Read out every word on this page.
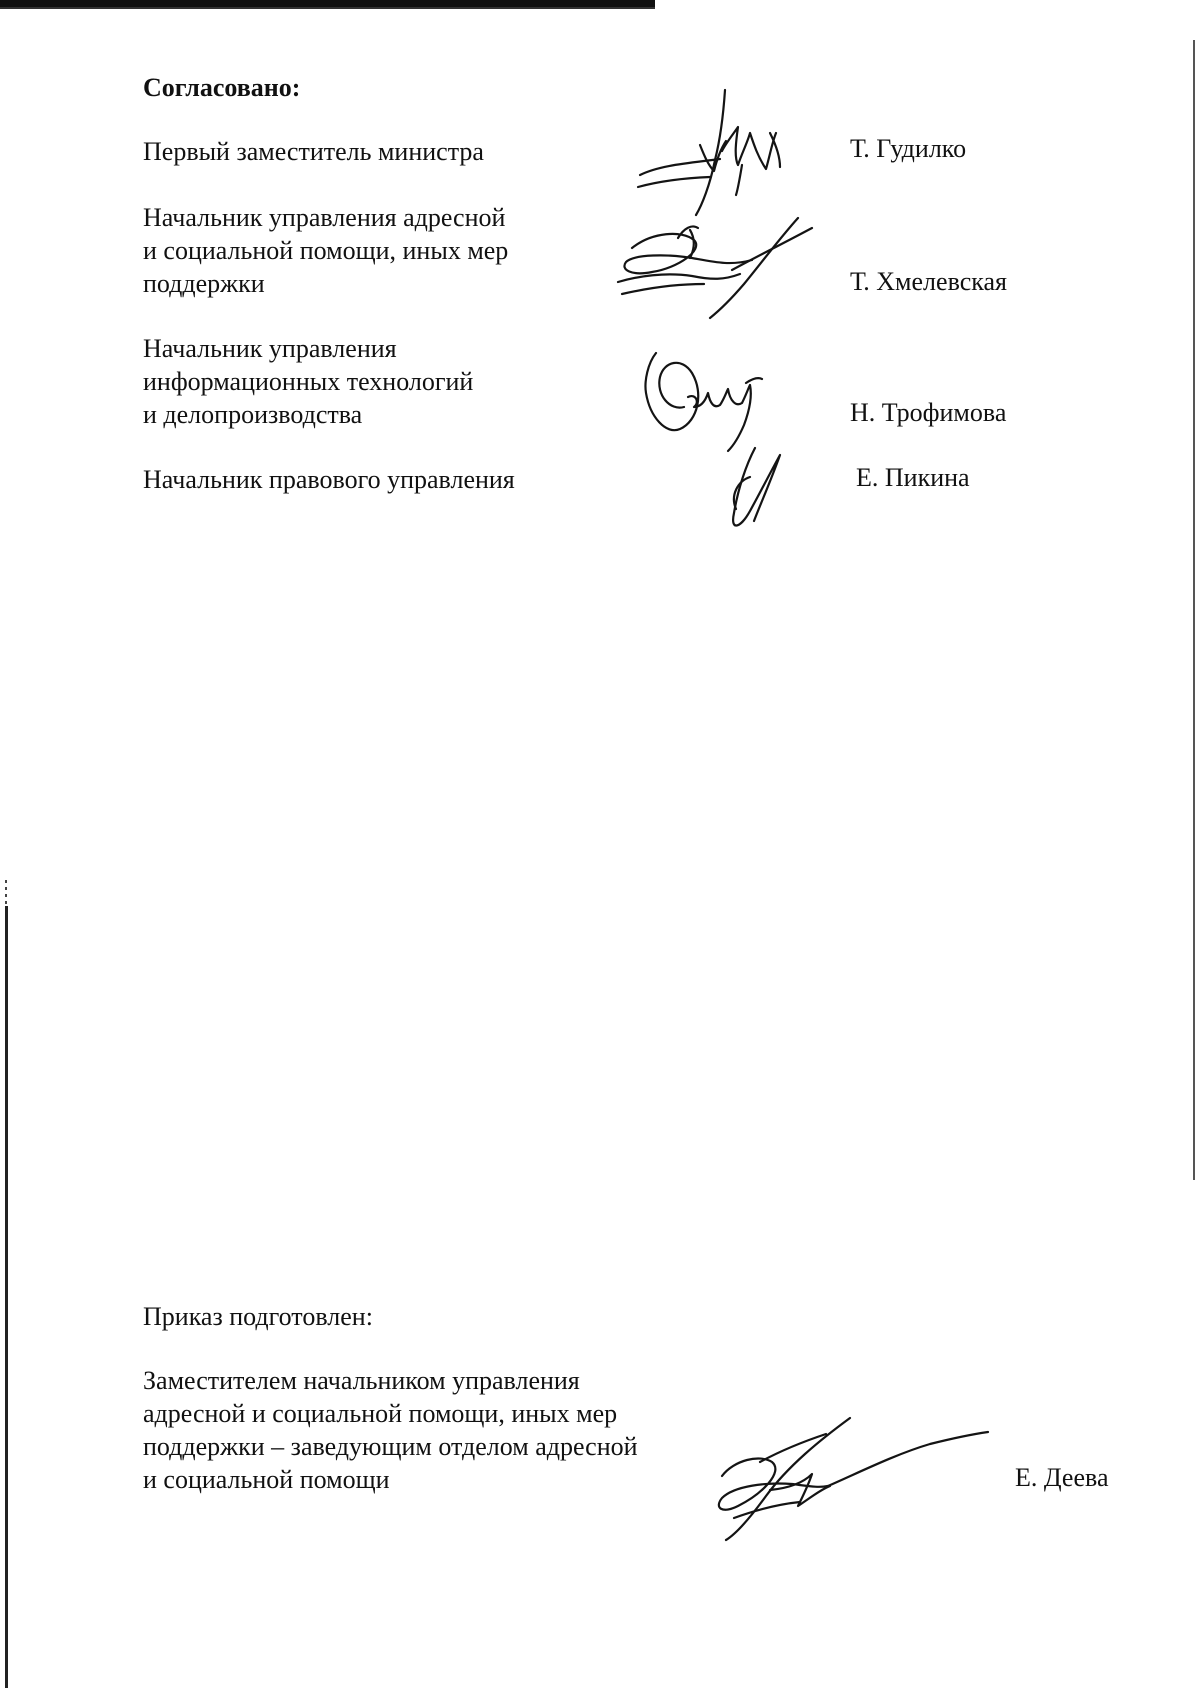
Согласовано:
Первый заместитель министра	Т. Гудилко
Начальник управления адресной
и социальной помощи, иных мер
поддержки	Т. Хмелевская
Начальник управления
информационных технологий
и делопроизводства	Н. Трофимова
Начальник правового управления	Е. Пикина
Приказ подготовлен:
Заместителем начальником управления
адресной и социальной помощи, иных мер
поддержки – заведующим отделом адресной
и социальной помощи	Е. Деева
